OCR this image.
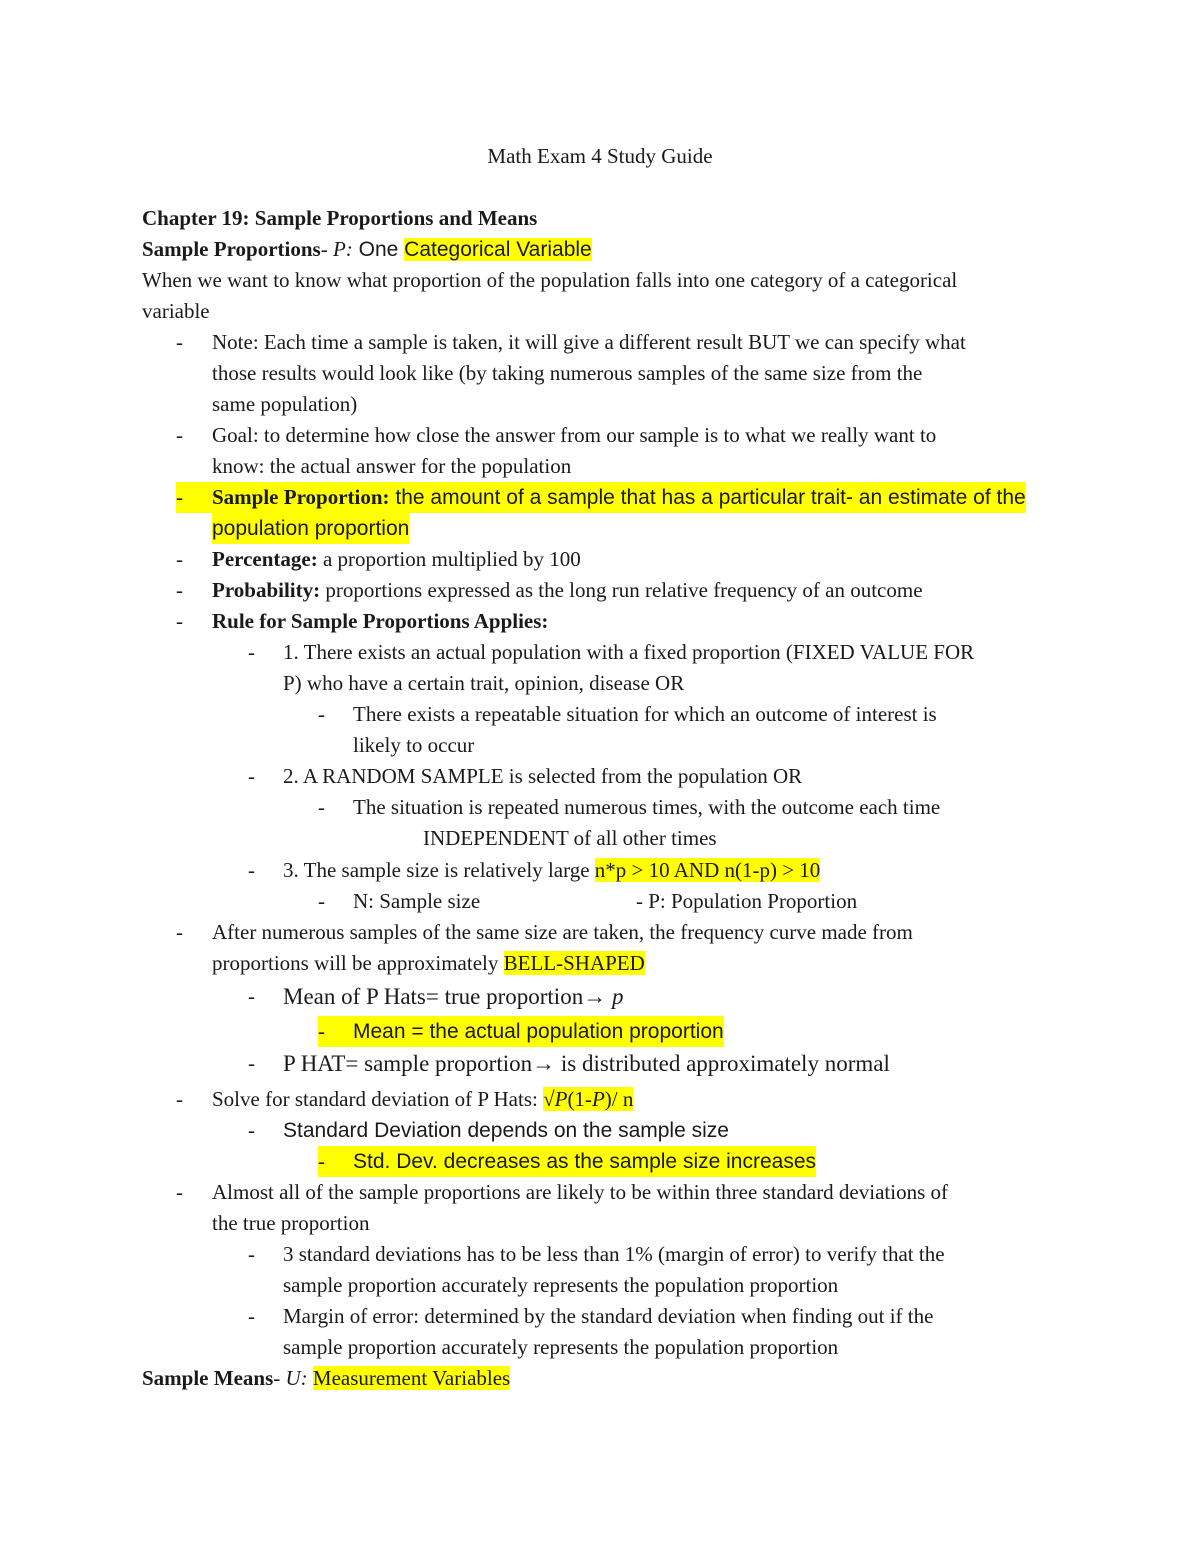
Math Exam 4 Study Guide
Chapter 19: Sample Proportions and Means
Sample Proportions- P: One Categorical Variable
When we want to know what proportion of the population falls into one category of a categorical
variable
- Note: Each time a sample is taken, it will give a different result BUT we can specify what
those results would look like (by taking numerous samples of the same size from the
same population)
- Goal: to determine how close the answer from our sample is to what we really want to
know: the actual answer for the population
-	Sample Proportion: the amount of a sample that has a particular trait- an estimate of the
population proportion
- Percentage: a proportion multiplied by 100
- Probability: proportions expressed as the long run relative frequency of an outcome
- Rule for Sample Proportions Applies:
- 1. There exists an actual population with a fixed proportion (FIXED VALUE FOR
P) who have a certain trait, opinion, disease OR
- There exists a repeatable situation for which an outcome of interest is
likely to occur
- 2. A RANDOM SAMPLE is selected from the population OR
- The situation is repeated numerous times, with the outcome each time
INDEPENDENT of all other times
- 3. The sample size is relatively large n*p > 10 AND n(1-p) > 10
- N: Sample size	- P: Population Proportion
- After numerous samples of the same size are taken, the frequency curve made from
proportions will be approximately BELL-SHAPED
- Mean of P Hats= true proportion→ p
-	Mean = the actual population proportion
- P HAT= sample proportion→ is distributed approximately normal
- Solve for standard deviation of P Hats: √P(1-P)/ n
- Standard Deviation depends on the sample size
-	Std. Dev. decreases as the sample size increases
- Almost all of the sample proportions are likely to be within three standard deviations of
the true proportion
- 3 standard deviations has to be less than 1% (margin of error) to verify that the
sample proportion accurately represents the population proportion
- Margin of error: determined by the standard deviation when finding out if the
sample proportion accurately represents the population proportion
Sample Means- U: Measurement Variables
